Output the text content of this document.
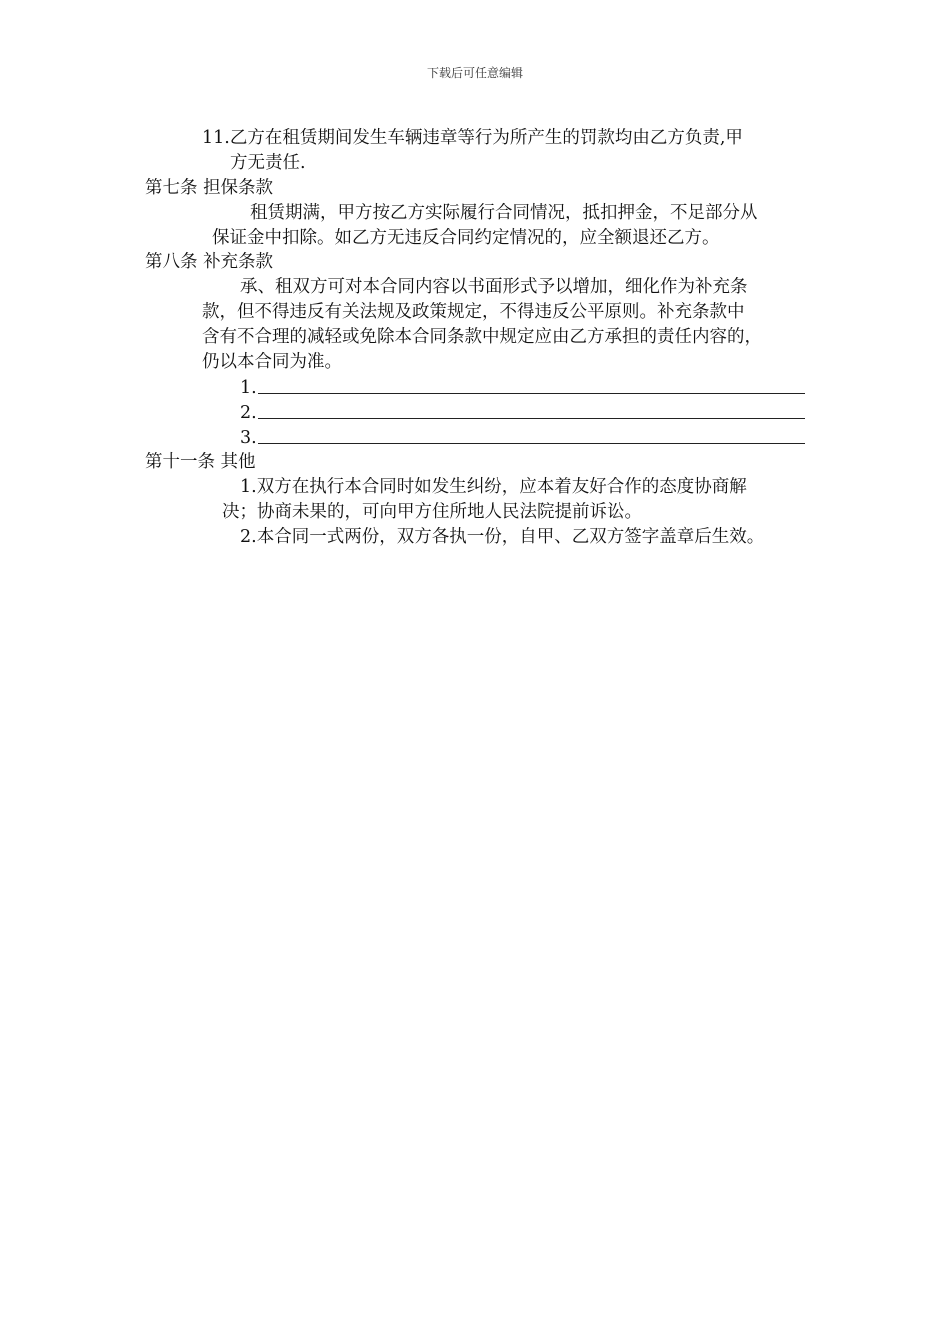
下载后可任意编辑
11.乙方在租赁期间发生车辆违章等行为所产生的罚款均由乙方负责,甲
方无责任.
第七条 担保条款
租赁期满，甲方按乙方实际履行合同情况，抵扣押金，不足部分从
保证金中扣除。如乙方无违反合同约定情况的，应全额退还乙方。
第八条 补充条款
承、租双方可对本合同内容以书面形式予以增加，细化作为补充条
款，但不得违反有关法规及政策规定，不得违反公平原则。补充条款中
含有不合理的减轻或免除本合同条款中规定应由乙方承担的责任内容的，
仍以本合同为准。
1.
2.
3.
第十一条 其他
1.双方在执行本合同时如发生纠纷，应本着友好合作的态度协商解
决；协商未果的，可向甲方住所地人民法院提前诉讼。
2.本合同一式两份，双方各执一份，自甲、乙双方签字盖章后生效。
